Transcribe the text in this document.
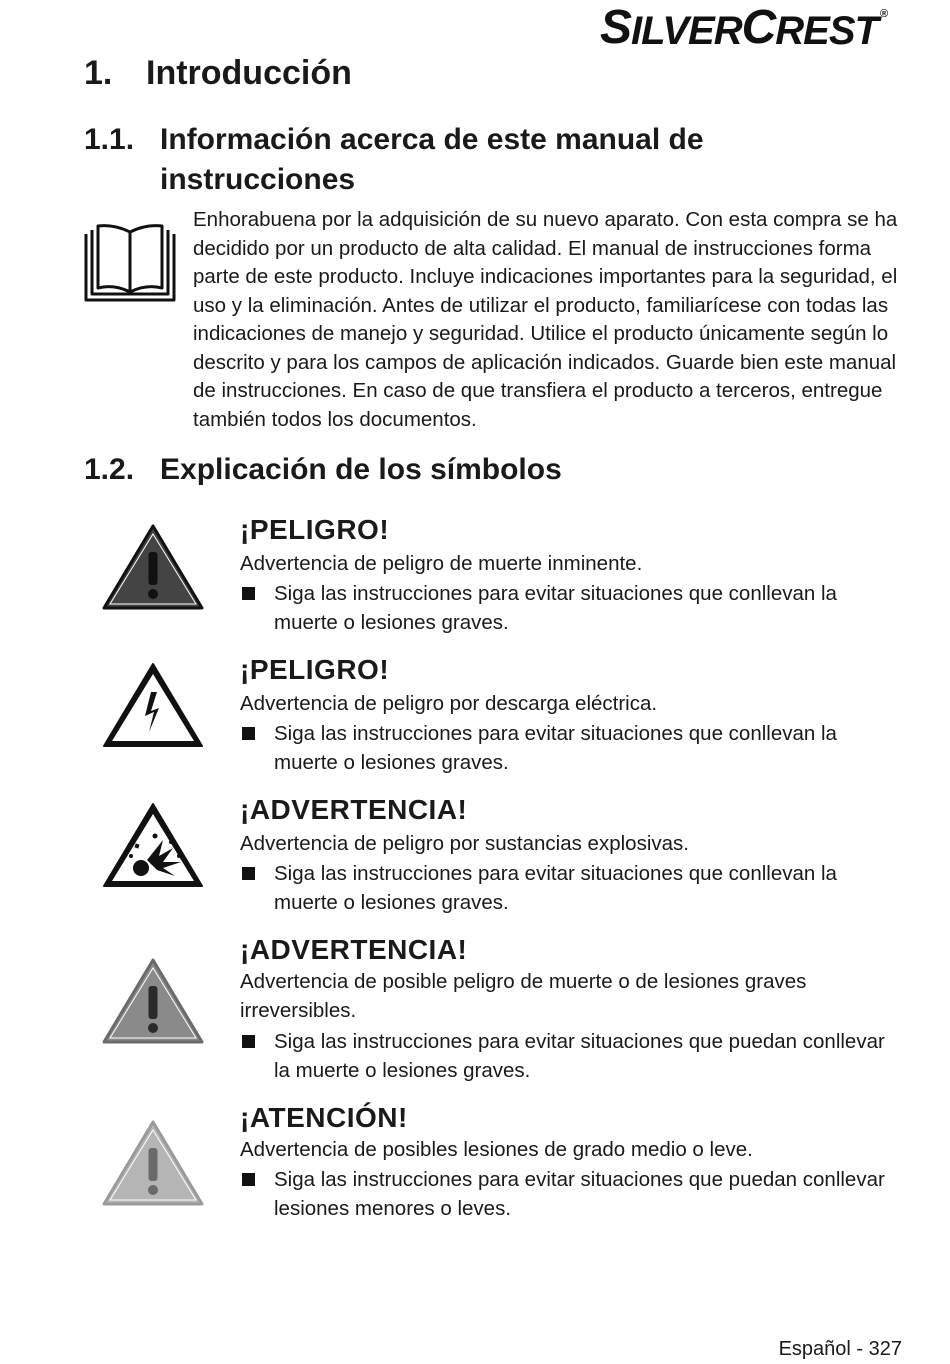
S ILVER C REST ®
1. Introducción
1.1. Información acerca de este manual de instrucciones

Enhorabuena por la adquisición de su nuevo aparato. Con esta compra se ha decidido por un producto de alta calidad. El manual de instrucciones forma parte de este producto. Incluye indicaciones importantes para la seguridad, el uso y la eliminación. Antes de utilizar el producto, familiarícese con todas las indicaciones de manejo y seguridad. Utilice el producto únicamente según lo descrito y para los campos de aplicación indicados. Guarde bien este manual de instrucciones. En caso de que transfiera el producto a terceros, entregue también todos los documentos.

1.2. Explicación de los símbolos
¡PELIGRO!

Advertencia de peligro de muerte inminente.

Siga las instrucciones para evitar situaciones que conllevan la muerte o lesiones graves.
¡PELIGRO!

Advertencia de peligro por descarga eléctrica.

Siga las instrucciones para evitar situaciones que conllevan la muerte o lesiones graves.
¡ADVERTENCIA!

Advertencia de peligro por sustancias explosivas.

Siga las instrucciones para evitar situaciones que conllevan la muerte o lesiones graves.
¡ADVERTENCIA!

Advertencia de posible peligro de muerte o de lesiones graves irreversibles.

Siga las instrucciones para evitar situaciones que puedan conllevar la muerte o lesiones graves.
¡ATENCIÓN!

Advertencia de posibles lesiones de grado medio o leve.

Siga las instrucciones para evitar situaciones que puedan conllevar lesiones menores o leves.
Español - 327
